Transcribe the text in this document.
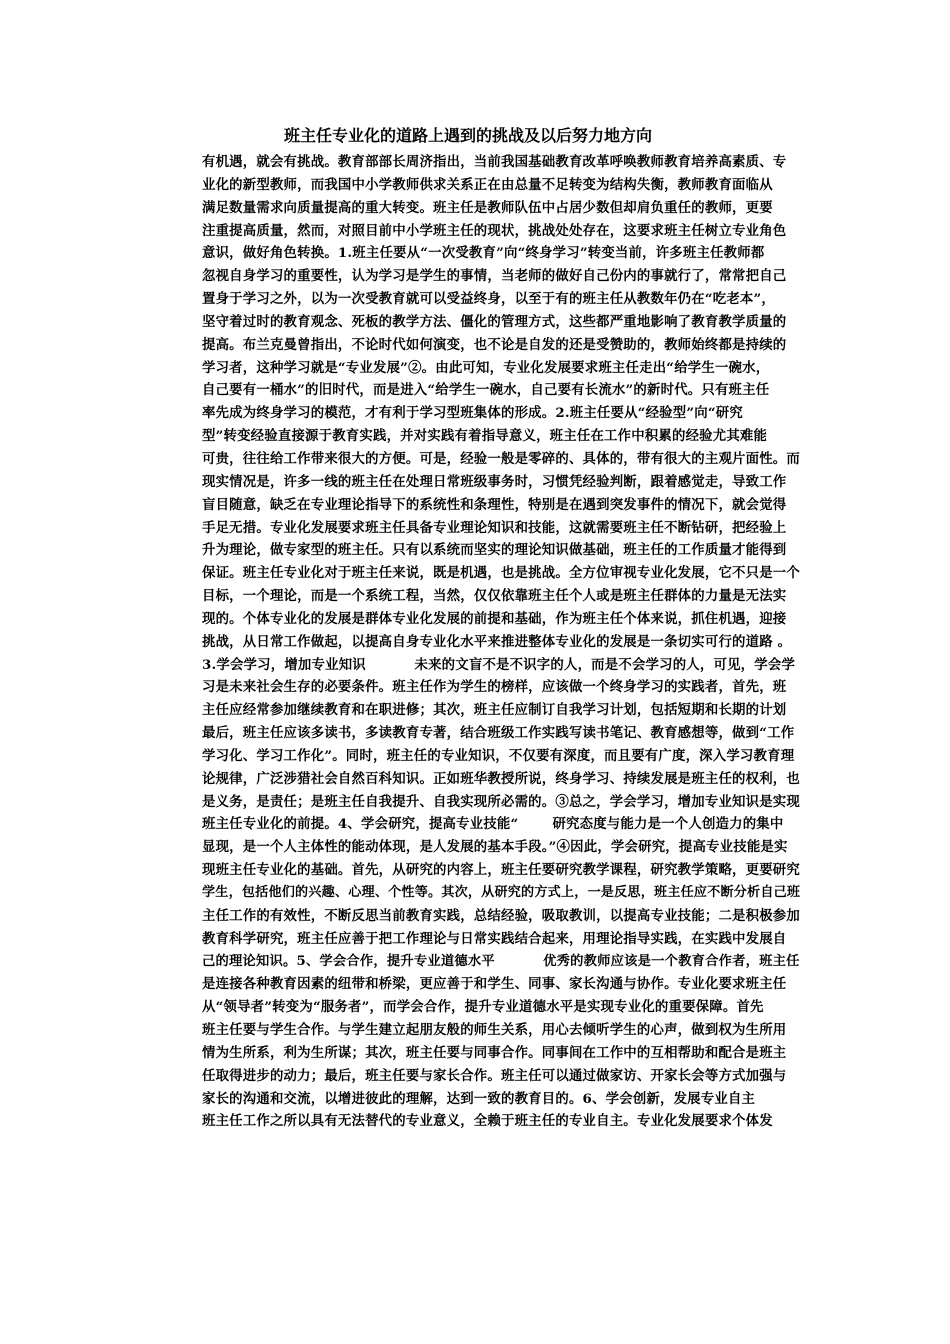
班主任专业化的道路上遇到的挑战及以后努力地方向
有机遇，就会有挑战。教育部部长周济指出，当前我国基础教育改革呼唤教师教育培养高素质、专
业化的新型教师，而我国中小学教师供求关系正在由总量不足转变为结构失衡，教师教育面临从
满足数量需求向质量提高的重大转变。班主任是教师队伍中占居少数但却肩负重任的教师，更要
注重提高质量，然而，对照目前中小学班主任的现状，挑战处处存在，这要求班主任树立专业角色
意识，做好角色转换。1.班主任要从“一次受教育”向“终身学习”转变当前，许多班主任教师都
忽视自身学习的重要性，认为学习是学生的事情，当老师的做好自己份内的事就行了，常常把自己
置身于学习之外，以为一次受教育就可以受益终身，以至于有的班主任从教数年仍在“吃老本”，
坚守着过时的教育观念、死板的教学方法、僵化的管理方式，这些都严重地影响了教育教学质量的
提高。布兰克曼曾指出，不论时代如何演变，也不论是自发的还是受赞助的，教师始终都是持续的
学习者，这种学习就是“专业发展”②。由此可知，专业化发展要求班主任走出“给学生一碗水，
自己要有一桶水”的旧时代，而是进入“给学生一碗水，自己要有长流水”的新时代。只有班主任
率先成为终身学习的模范，才有利于学习型班集体的形成。2.班主任要从“经验型”向“研究
型”转变经验直接源于教育实践，并对实践有着指导意义，班主任在工作中积累的经验尤其难能
可贵，往往给工作带来很大的方便。可是，经验一般是零碎的、具体的，带有很大的主观片面性。而
现实情况是，许多一线的班主任在处理日常班级事务时，习惯凭经验判断，跟着感觉走，导致工作
盲目随意，缺乏在专业理论指导下的系统性和条理性，特别是在遇到突发事件的情况下，就会觉得
手足无措。专业化发展要求班主任具备专业理论知识和技能，这就需要班主任不断钻研，把经验上
升为理论，做专家型的班主任。只有以系统而坚实的理论知识做基础，班主任的工作质量才能得到
保证。班主任专业化对于班主任来说，既是机遇，也是挑战。全方位审视专业化发展，它不只是一个
目标，一个理论，而是一个系统工程，当然，仅仅依靠班主任个人或是班主任群体的力量是无法实
现的。个体专业化的发展是群体专业化发展的前提和基础，作为班主任个体来说，抓住机遇，迎接
挑战，从日常工作做起，以提高自身专业化水平来推进整体专业化的发展是一条切实可行的道路 。
3.学会学习，增加专业知识          未来的文盲不是不识字的人，而是不会学习的人，可见，学会学
习是未来社会生存的必要条件。班主任作为学生的榜样，应该做一个终身学习的实践者，首先，班
主任应经常参加继续教育和在职进修；其次，班主任应制订自我学习计划，包括短期和长期的计划
最后，班主任应该多读书，多读教育专著，结合班级工作实践写读书笔记、教育感想等，做到“工作
学习化、学习工作化”。同时，班主任的专业知识，不仅要有深度，而且要有广度，深入学习教育理
论规律，广泛涉猎社会自然百科知识。正如班华教授所说，终身学习、持续发展是班主任的权利，也
是义务，是责任；是班主任自我提升、自我实现所必需的。③总之，学会学习，增加专业知识是实现
班主任专业化的前提。4、学会研究，提高专业技能“       研究态度与能力是一个人创造力的集中
显现，是一个人主体性的能动体现，是人发展的基本手段。”④因此，学会研究，提高专业技能是实
现班主任专业化的基础。首先，从研究的内容上，班主任要研究教学课程，研究教学策略，更要研究
学生，包括他们的兴趣、心理、个性等。其次，从研究的方式上，一是反思，班主任应不断分析自己班
主任工作的有效性，不断反思当前教育实践，总结经验，吸取教训，以提高专业技能；二是积极参加
教育科学研究，班主任应善于把工作理论与日常实践结合起来，用理论指导实践，在实践中发展自
己的理论知识。5、学会合作，提升专业道德水平          优秀的教师应该是一个教育合作者，班主任
是连接各种教育因素的纽带和桥梁，更应善于和学生、同事、家长沟通与协作。专业化要求班主任
从“领导者”转变为“服务者”，而学会合作，提升专业道德水平是实现专业化的重要保障。首先
班主任要与学生合作。与学生建立起朋友般的师生关系，用心去倾听学生的心声，做到权为生所用
情为生所系，利为生所谋；其次，班主任要与同事合作。同事间在工作中的互相帮助和配合是班主
任取得进步的动力；最后，班主任要与家长合作。班主任可以通过做家访、开家长会等方式加强与
家长的沟通和交流，以增进彼此的理解，达到一致的教育目的。6、学会创新，发展专业自主
班主任工作之所以具有无法替代的专业意义，全赖于班主任的专业自主。专业化发展要求个体发
